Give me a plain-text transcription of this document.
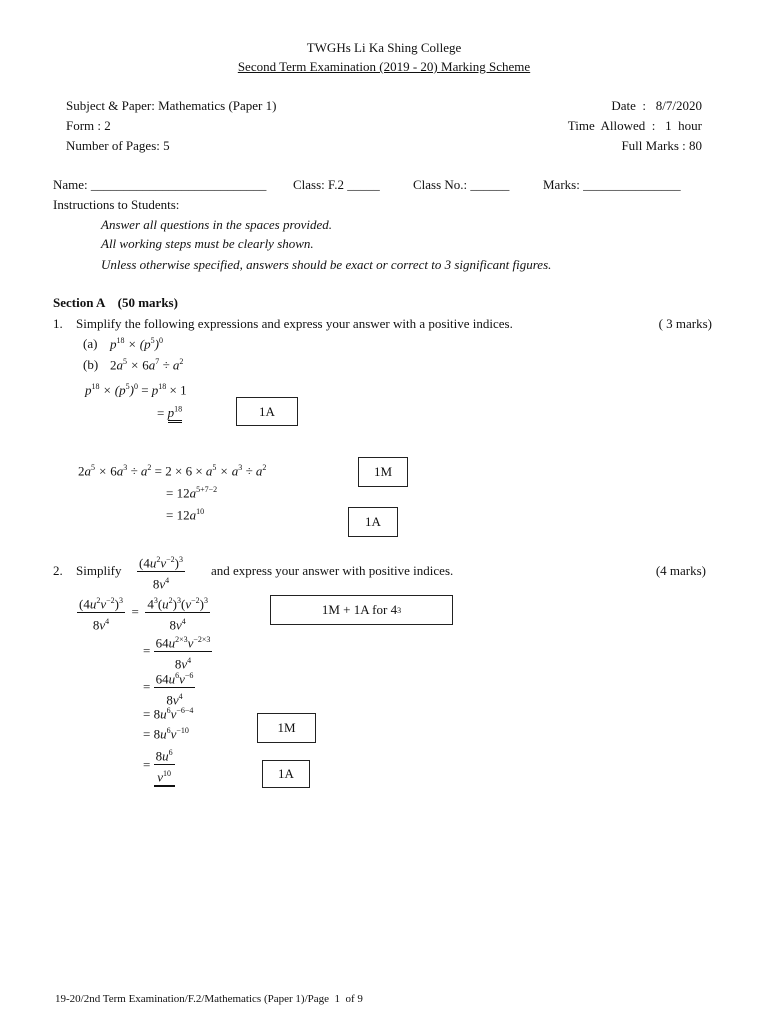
TWGHs Li Ka Shing College
Second Term Examination (2019 - 20) Marking Scheme
Subject & Paper: Mathematics (Paper 1)
Form : 2
Number of Pages: 5
Date  :   8/7/2020
Time  Allowed  :   1  hour
Full Marks : 80
Name: ___________________________ Class: F.2 _____	Class No.: ______	Marks: _______________
Instructions to Students:
Answer all questions in the spaces provided.
All working steps must be clearly shown.
Unless otherwise specified, answers should be exact or correct to 3 significant figures.
Section A    (50 marks)
1. Simplify the following expressions and express your answer with a positive indices.	( 3 marks)
(a) $p^{18} \times (p^5)^0$
(b) $2a^5 \times 6a^7 \div a^2$
$p^{18} \times (p^5)^0 = p^{18} \times 1$
= $p^{18}$	1A
$2a^5 \times 6a^3 \div a^2 = 2 \times 6 \times a^5 \times a^3 \div a^2$	1M
= $12a^{5+7-2}$
= $12a^{10}$
1A
2. Simplify $\frac{(4u^2v^{-2})^3}{8v^4}$ and express your answer with positive indices.	(4 marks)
$\frac{(4u^2v^{-2})^3}{8v^4} = \frac{4^3(u^2)^3(v^{-2})^3}{8v^4}$	1M + 1A for 4 3
= $\frac{64u^{2\times 3}v^{-2\times 3}}{8v^4}$
= $\frac{64u^6v^{-6}}{8v^4}$
= $8u^6v^{-6-4}$
= $8u^6v^{-10}$	1M
= $\frac{8u^6}{v^{10}}$	1A
19-20/2nd Term Examination/F.2/Mathematics (Paper 1)/Page  1  of 9
